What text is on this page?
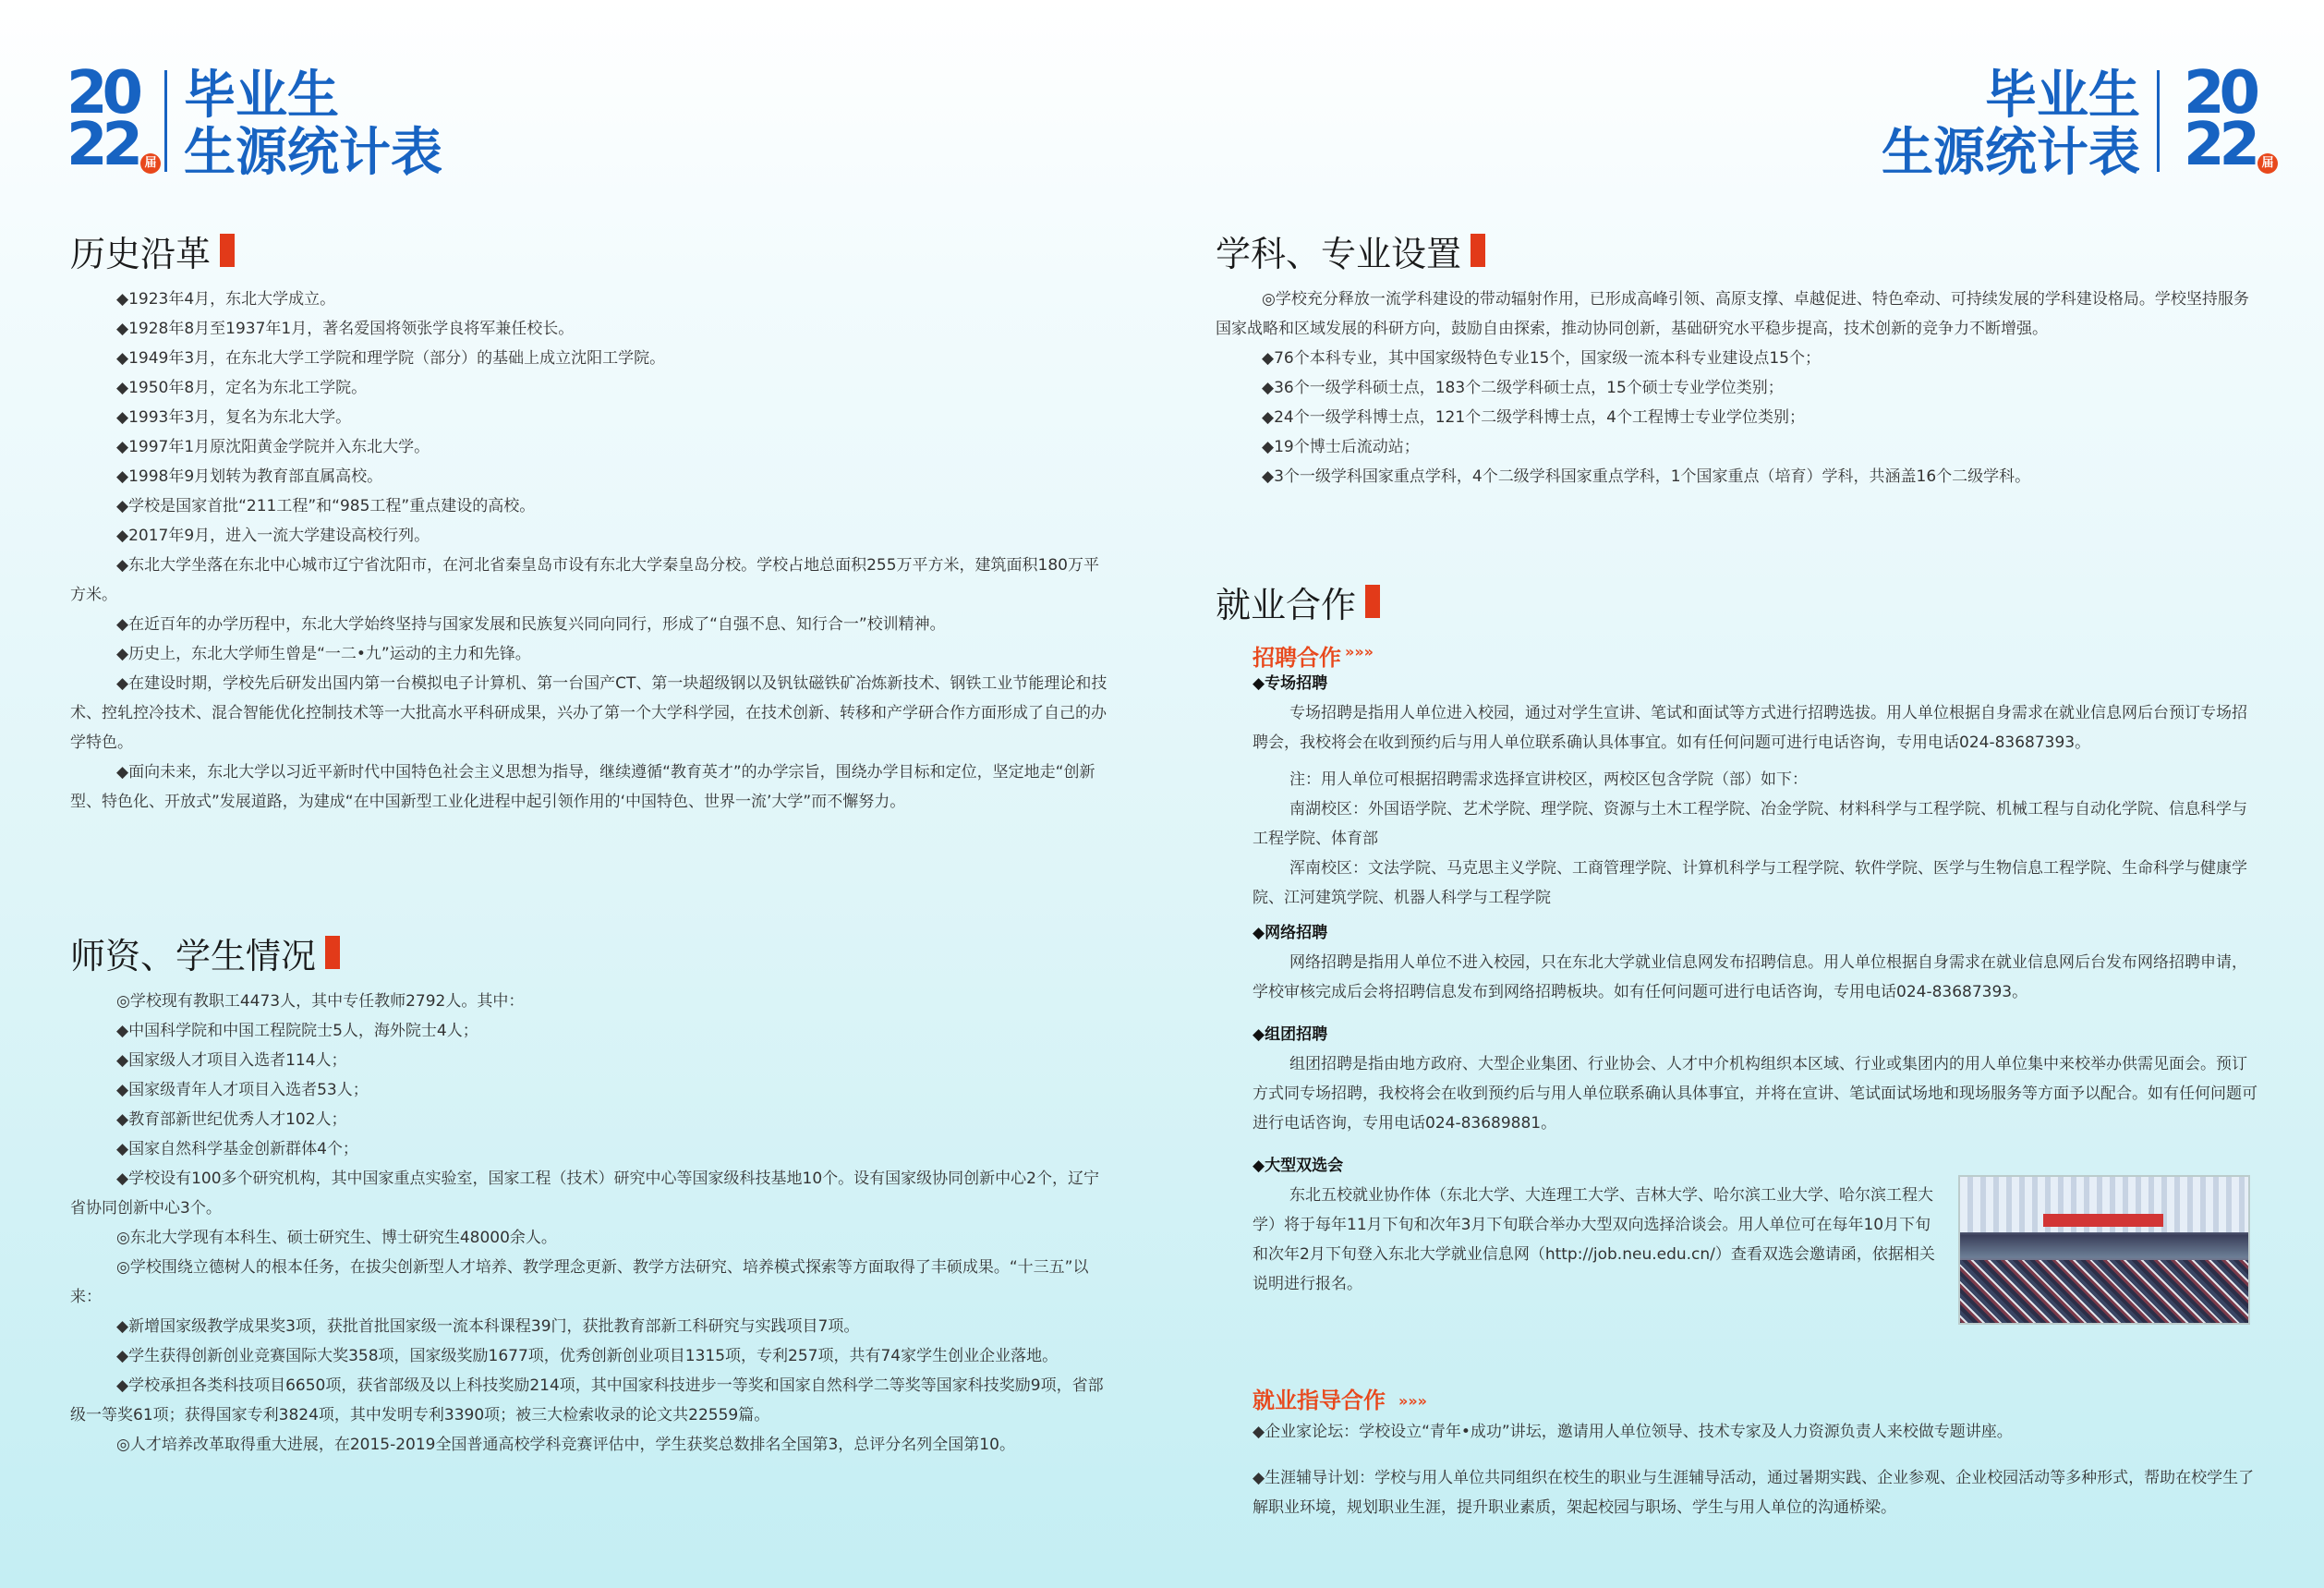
20
22 届
毕业生
生源统计表
20
22 届
毕业生
生源统计表
历史沿革

◆1923年4月，东北大学成立。

◆1928年8月至1937年1月，著名爱国将领张学良将军兼任校长。

◆1949年3月，在东北大学工学院和理学院（部分）的基础上成立沈阳工学院。

◆1950年8月，定名为东北工学院。

◆1993年3月，复名为东北大学。

◆1997年1月原沈阳黄金学院并入东北大学。

◆1998年9月划转为教育部直属高校。

◆学校是国家首批“211工程”和“985工程”重点建设的高校。

◆2017年9月，进入一流大学建设高校行列。

◆东北大学坐落在东北中心城市辽宁省沈阳市，在河北省秦皇岛市设有东北大学秦皇岛分校。学校占地总面积255万平方米，建筑面积180万平方米。

◆在近百年的办学历程中，东北大学始终坚持与国家发展和民族复兴同向同行，形成了“自强不息、知行合一”校训精神。

◆历史上，东北大学师生曾是“一二•九”运动的主力和先锋。

◆在建设时期，学校先后研发出国内第一台模拟电子计算机、第一台国产CT、第一块超级钢以及钒钛磁铁矿冶炼新技术、钢铁工业节能理论和技术、控轧控冷技术、混合智能优化控制技术等一大批高水平科研成果，兴办了第一个大学科学园，在技术创新、转移和产学研合作方面形成了自己的办学特色。

◆面向未来，东北大学以习近平新时代中国特色社会主义思想为指导，继续遵循“教育英才”的办学宗旨，围绕办学目标和定位，坚定地走“创新型、特色化、开放式”发展道路，为建成“在中国新型工业化进程中起引领作用的‘中国特色、世界一流’大学”而不懈努力。

师资、学生情况

◎学校现有教职工4473人，其中专任教师2792人。其中：

◆中国科学院和中国工程院院士5人，海外院士4人；

◆国家级人才项目入选者114人；

◆国家级青年人才项目入选者53人；

◆教育部新世纪优秀人才102人；

◆国家自然科学基金创新群体4个；

◆学校设有100多个研究机构，其中国家重点实验室，国家工程（技术）研究中心等国家级科技基地10个。设有国家级协同创新中心2个，辽宁省协同创新中心3个。

◎东北大学现有本科生、硕士研究生、博士研究生48000余人。

◎学校围绕立德树人的根本任务，在拔尖创新型人才培养、教学理念更新、教学方法研究、培养模式探索等方面取得了丰硕成果。“十三五”以来：

◆新增国家级教学成果奖3项，获批首批国家级一流本科课程39门，获批教育部新工科研究与实践项目7项。

◆学生获得创新创业竞赛国际大奖358项，国家级奖励1677项，优秀创新创业项目1315项，专利257项，共有74家学生创业企业落地。

◆学校承担各类科技项目6650项，获省部级及以上科技奖励214项，其中国家科技进步一等奖和国家自然科学二等奖等国家科技奖励9项，省部级一等奖61项；获得国家专利3824项，其中发明专利3390项；被三大检索收录的论文共22559篇。

◎人才培养改革取得重大进展，在2015-2019全国普通高校学科竞赛评估中，学生获奖总数排名全国第3，总评分名列全国第10。

学科、专业设置

◎学校充分释放一流学科建设的带动辐射作用，已形成高峰引领、高原支撑、卓越促进、特色牵动、可持续发展的学科建设格局。学校坚持服务国家战略和区域发展的科研方向，鼓励自由探索，推动协同创新，基础研究水平稳步提高，技术创新的竞争力不断增强。

◆76个本科专业，其中国家级特色专业15个，国家级一流本科专业建设点15个；

◆36个一级学科硕士点，183个二级学科硕士点，15个硕士专业学位类别；

◆24个一级学科博士点，121个二级学科博士点，4个工程博士专业学位类别；

◆19个博士后流动站；

◆3个一级学科国家重点学科，4个二级学科国家重点学科，1个国家重点（培育）学科，共涵盖16个二级学科。

就业合作
招聘合作 »»»
◆专场招聘

专场招聘是指用人单位进入校园，通过对学生宣讲、笔试和面试等方式进行招聘选拔。用人单位根据自身需求在就业信息网后台预订专场招聘会，我校将会在收到预约后与用人单位联系确认具体事宜。如有任何问题可进行电话咨询，专用电话024-83687393。

注：用人单位可根据招聘需求选择宣讲校区，两校区包含学院（部）如下：

南湖校区：外国语学院、艺术学院、理学院、资源与土木工程学院、冶金学院、材料科学与工程学院、机械工程与自动化学院、信息科学与工程学院、体育部

浑南校区：文法学院、马克思主义学院、工商管理学院、计算机科学与工程学院、软件学院、医学与生物信息工程学院、生命科学与健康学院、江河建筑学院、机器人科学与工程学院

◆网络招聘

网络招聘是指用人单位不进入校园，只在东北大学就业信息网发布招聘信息。用人单位根据自身需求在就业信息网后台发布网络招聘申请，学校审核完成后会将招聘信息发布到网络招聘板块。如有任何问题可进行电话咨询，专用电话024-83687393。

◆组团招聘

组团招聘是指由地方政府、大型企业集团、行业协会、人才中介机构组织本区域、行业或集团内的用人单位集中来校举办供需见面会。预订方式同专场招聘，我校将会在收到预约后与用人单位联系确认具体事宜，并将在宣讲、笔试面试场地和现场服务等方面予以配合。如有任何问题可进行电话咨询，专用电话024-83689881。

◆大型双选会

东北五校就业协作体（东北大学、大连理工大学、吉林大学、哈尔滨工业大学、哈尔滨工程大学）将于每年11月下旬和次年3月下旬联合举办大型双向选择洽谈会。用人单位可在每年10月下旬和次年2月下旬登入东北大学就业信息网（http://job.neu.edu.cn/）查看双选会邀请函，依据相关说明进行报名。

就业指导合作 »»»

◆企业家论坛：学校设立“青年•成功”讲坛，邀请用人单位领导、技术专家及人力资源负责人来校做专题讲座。

◆生涯辅导计划：学校与用人单位共同组织在校生的职业与生涯辅导活动，通过暑期实践、企业参观、企业校园活动等多种形式，帮助在校学生了解职业环境，规划职业生涯，提升职业素质，架起校园与职场、学生与用人单位的沟通桥梁。
